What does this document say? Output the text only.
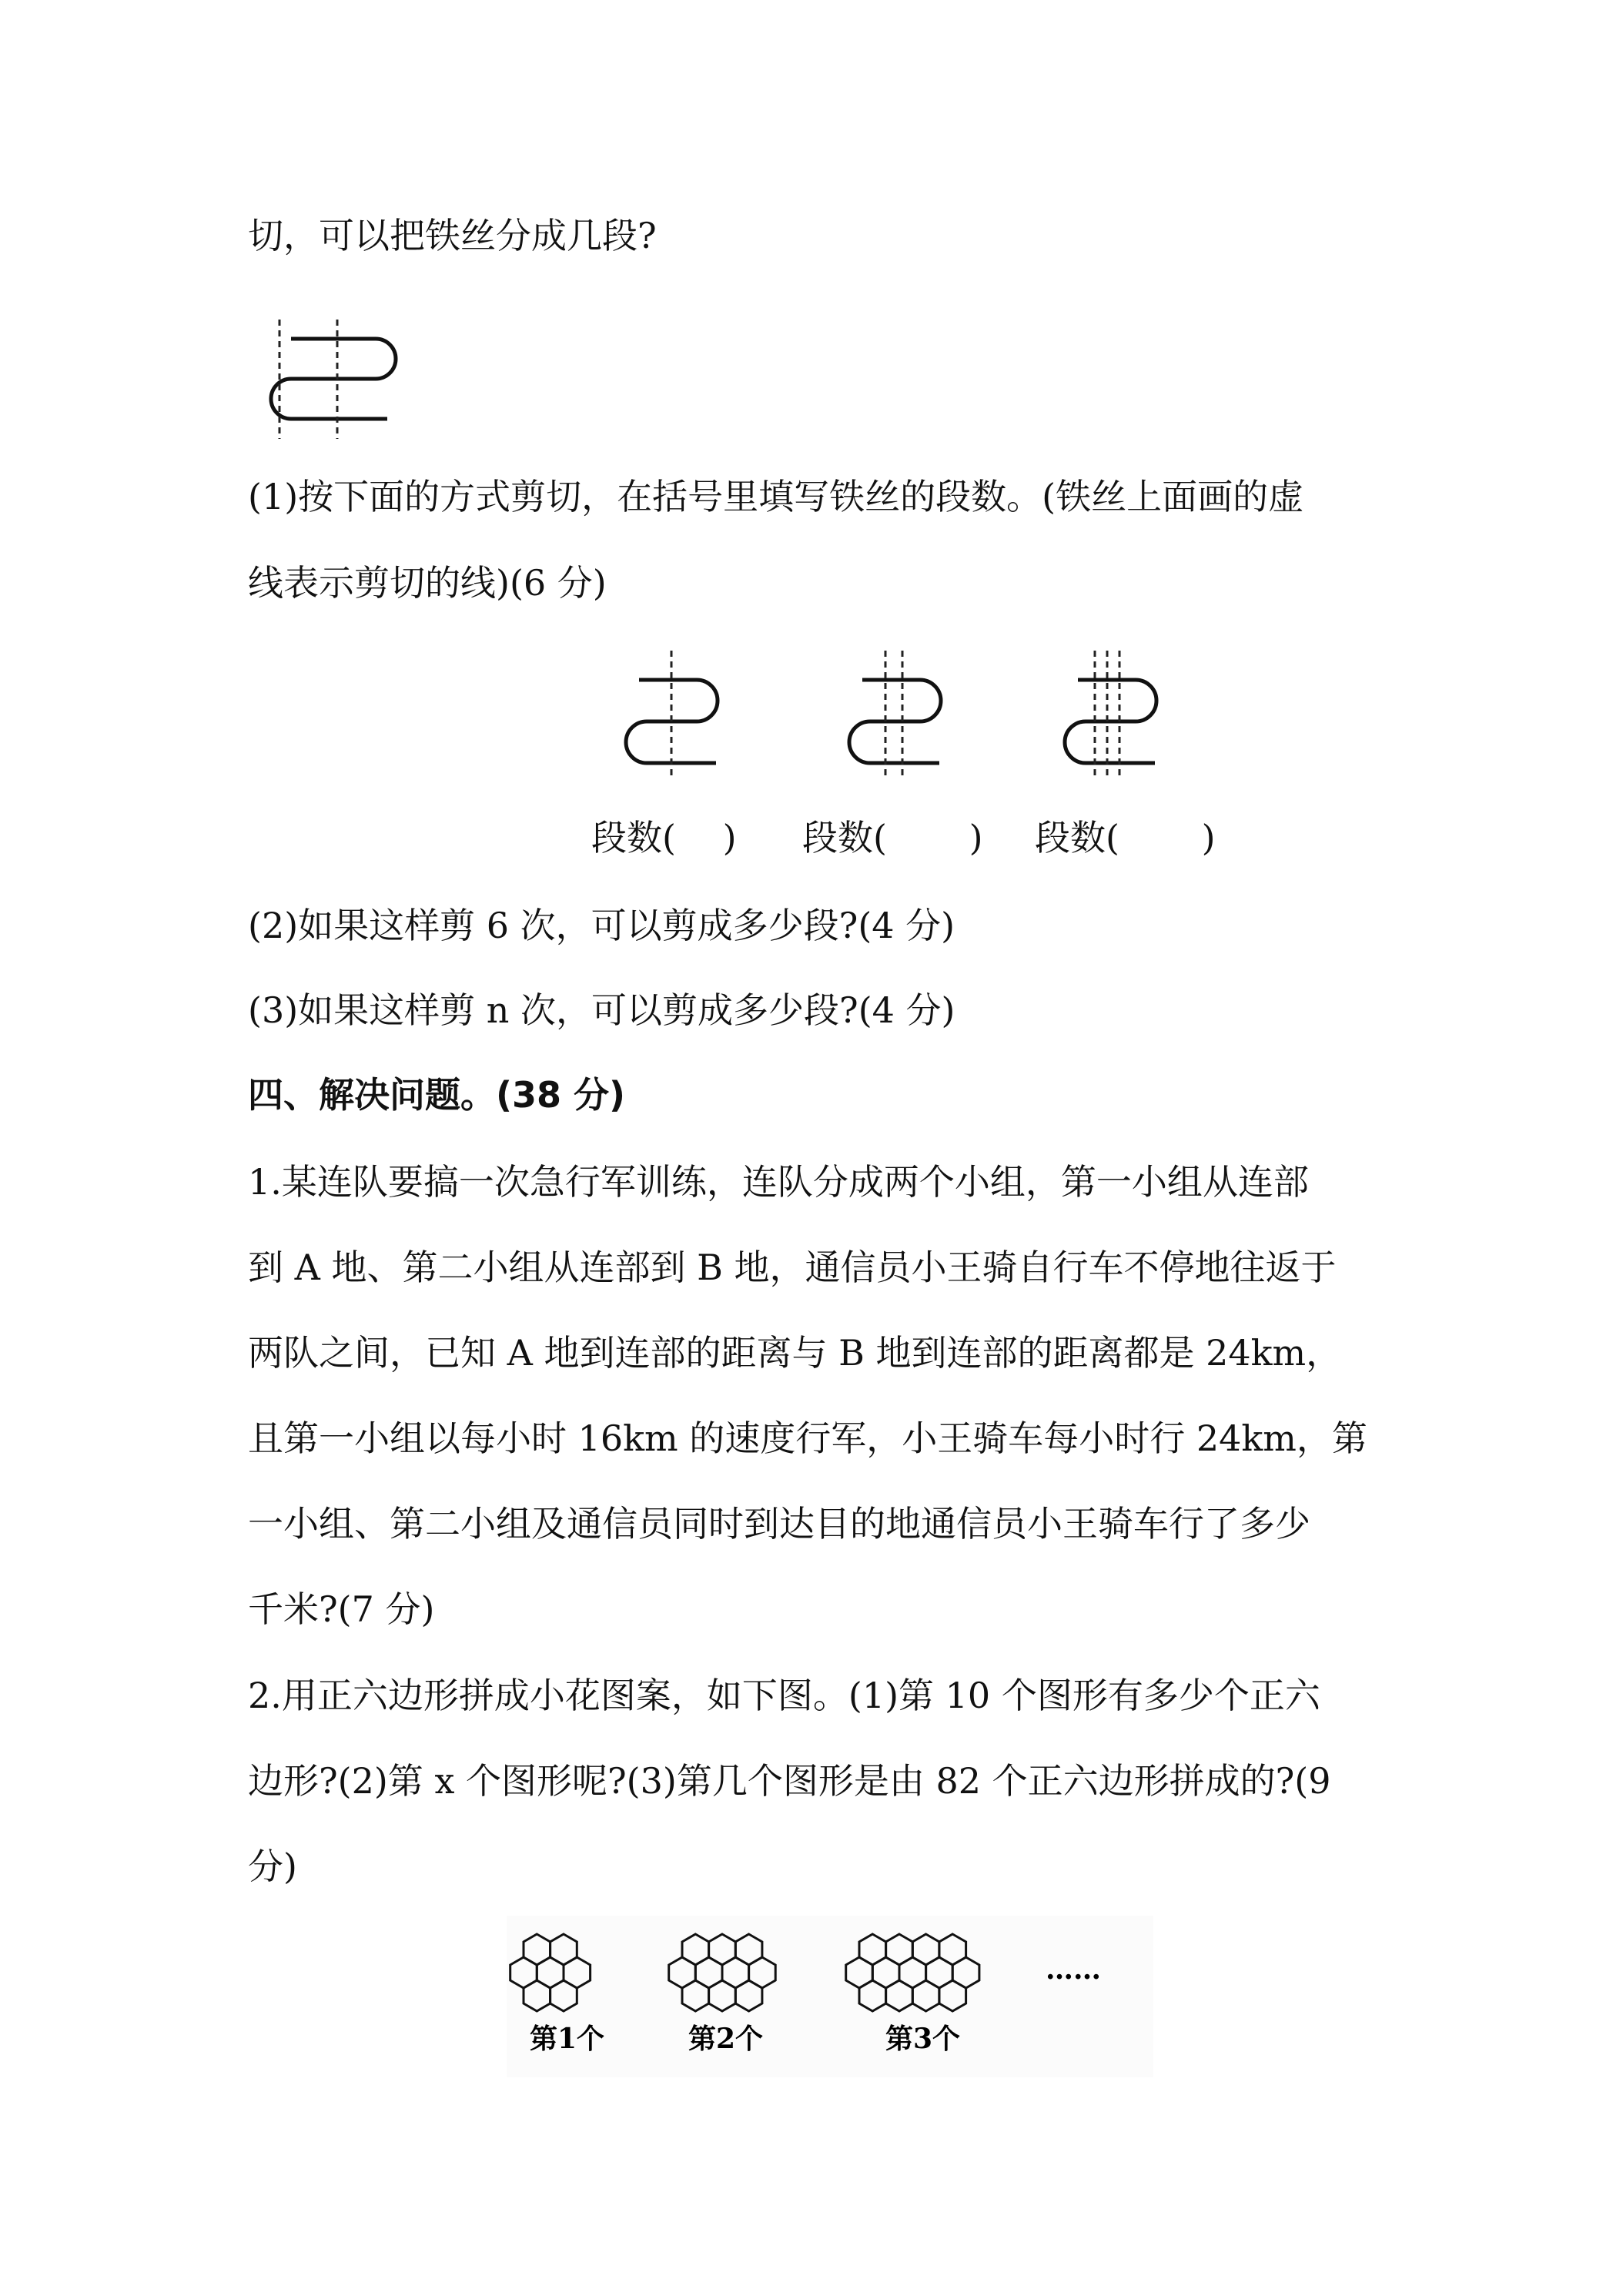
切，可以把铁丝分成几段?
(1)按下面的方式剪切，在括号里填写铁丝的段数。(铁丝上面画的虚
线表示剪切的线)(6 分)
段数(　 ) 段数(　 　) 段数(　 　)
(2)如果这样剪 6 次，可以剪成多少段?(4 分)
(3)如果这样剪 n 次，可以剪成多少段?(4 分)
四、解决问题。(38 分)
1.某连队要搞一次急行军训练，连队分成两个小组，第一小组从连部
到 A 地、第二小组从连部到 B 地，通信员小王骑自行车不停地往返于
两队之间，已知 A 地到连部的距离与 B 地到连部的距离都是 24km，
且第一小组以每小时 16km 的速度行军，小王骑车每小时行 24km，第
一小组、第二小组及通信员同时到达目的地通信员小王骑车行了多少
千米?(7 分)
2.用正六边形拼成小花图案，如下图。(1)第 10 个图形有多少个正六
边形?(2)第 x 个图形呢?(3)第几个图形是由 82 个正六边形拼成的?(9
分)
第1个	第2个	第3个
……
